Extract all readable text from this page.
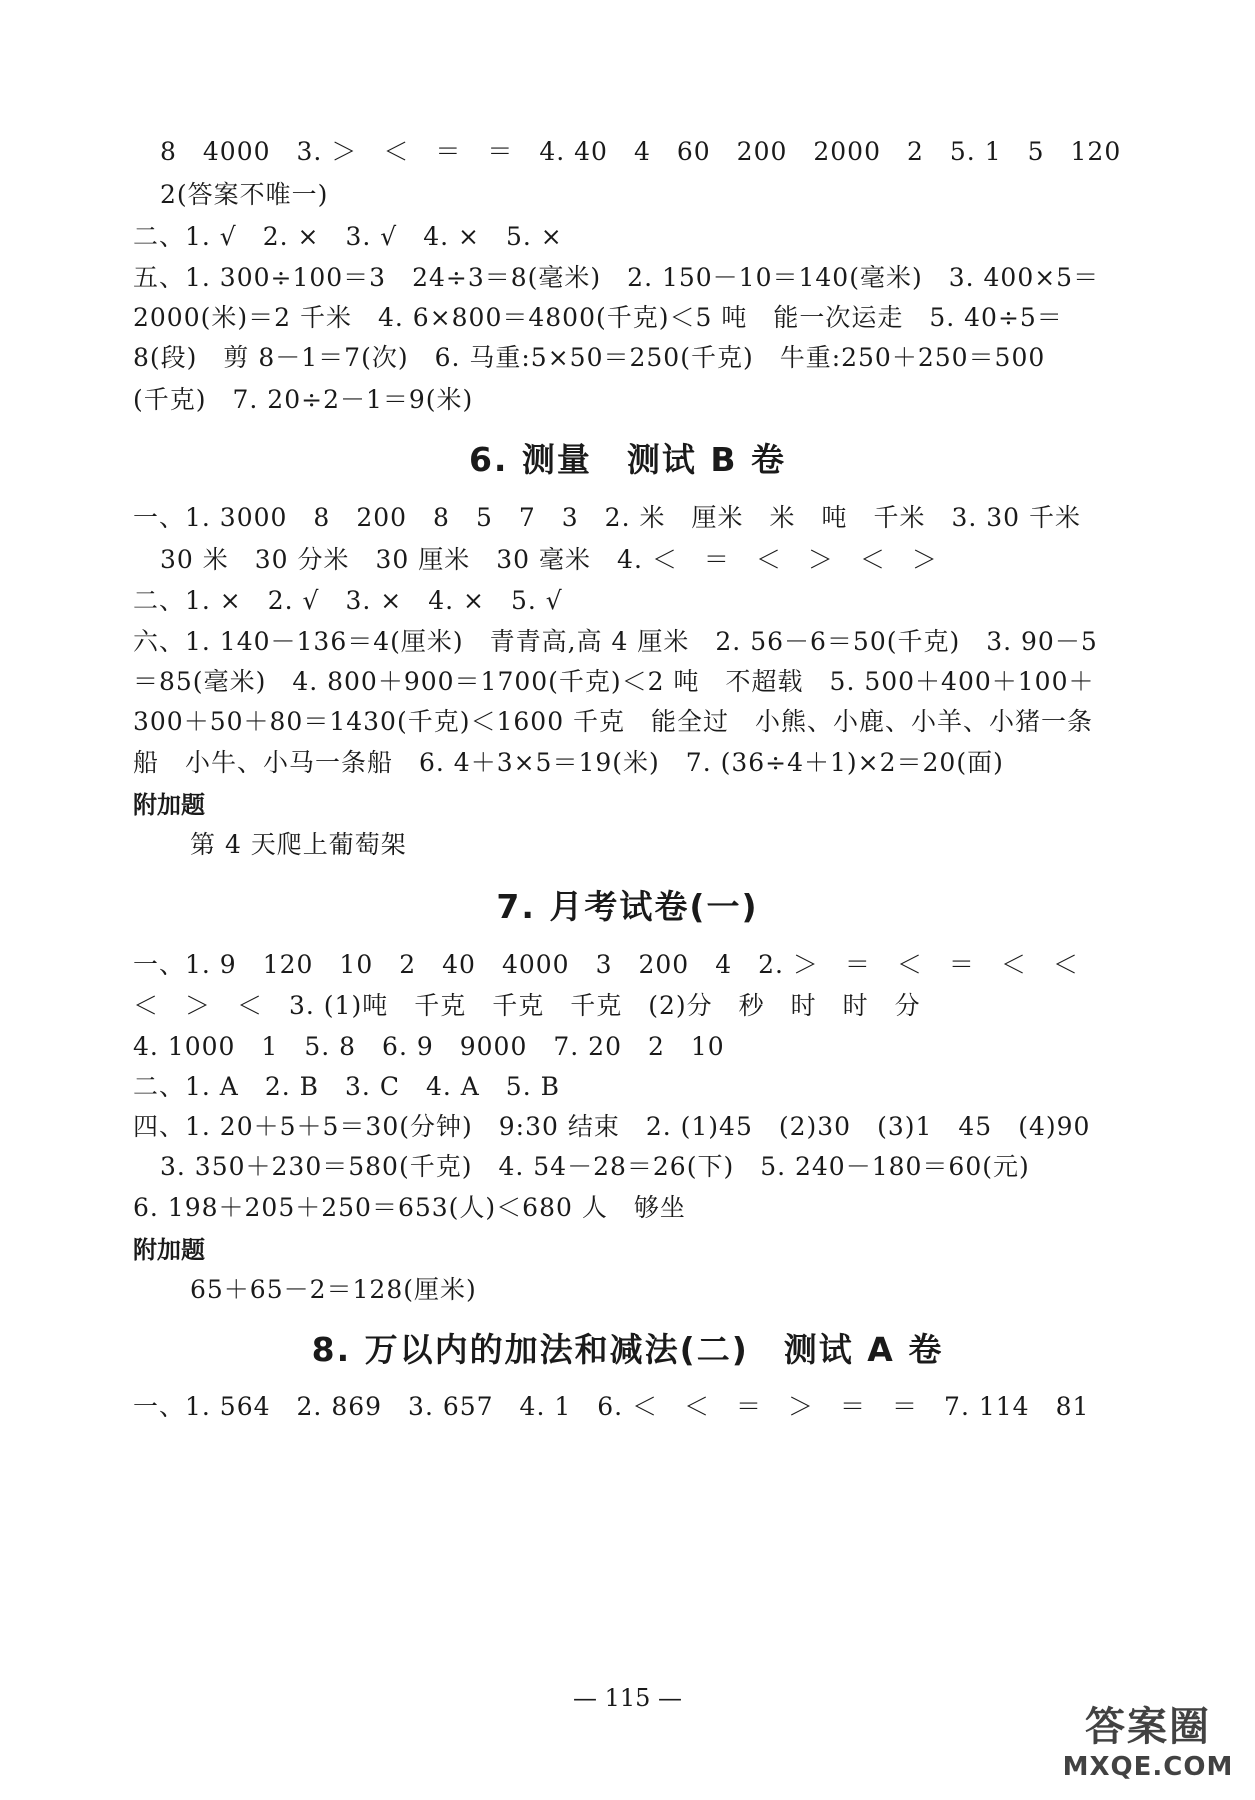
8　4000　3. ＞　＜　＝　＝　4. 40　4　60　200　2000　2　5. 1　5　120
2(答案不唯一)
二、1. √　2. ×　3. √　4. ×　5. ×
五、1. 300÷100＝3　24÷3＝8(毫米)　2. 150－10＝140(毫米)　3. 400×5＝
2000(米)＝2 千米　4. 6×800＝4800(千克)＜5 吨　能一次运走　5. 40÷5＝
8(段)　剪 8－1＝7(次)　6. 马重:5×50＝250(千克)　牛重:250＋250＝500
(千克)　7. 20÷2－1＝9(米)
6. 测量　测试 B 卷
一、1. 3000　8　200　8　5　7　3　2. 米　厘米　米　吨　千米　3. 30 千米
30 米　30 分米　30 厘米　30 毫米　4. ＜　＝　＜　＞　＜　＞
二、1. ×　2. √　3. ×　4. ×　5. √
六、1. 140－136＝4(厘米)　青青高,高 4 厘米　2. 56－6＝50(千克)　3. 90－5
＝85(毫米)　4. 800＋900＝1700(千克)＜2 吨　不超载　5. 500＋400＋100＋
300＋50＋80＝1430(千克)＜1600 千克　能全过　小熊、小鹿、小羊、小猪一条
船　小牛、小马一条船　6. 4＋3×5＝19(米)　7. (36÷4＋1)×2＝20(面)
附加题
第 4 天爬上葡萄架
7. 月考试卷(一)
一、1. 9　120　10　2　40　4000　3　200　4　2. ＞　＝　＜　＝　＜　＜
＜　＞　＜　3. (1)吨　千克　千克　千克　(2)分　秒　时　时　分
4. 1000　1　5. 8　6. 9　9000　7. 20　2　10
二、1. A　2. B　3. C　4. A　5. B
四、1. 20＋5＋5＝30(分钟)　9:30 结束　2. (1)45　(2)30　(3)1　45　(4)90
3. 350＋230＝580(千克)　4. 54－28＝26(下)　5. 240－180＝60(元)
6. 198＋205＋250＝653(人)＜680 人　够坐
附加题
65＋65－2＝128(厘米)
8. 万以内的加法和减法(二)　测试 A 卷
一、1. 564　2. 869　3. 657　4. 1　6. ＜　＜　＝　＞　＝　＝　7. 114　81
— 115 —
答案圈
MXQE.COM
